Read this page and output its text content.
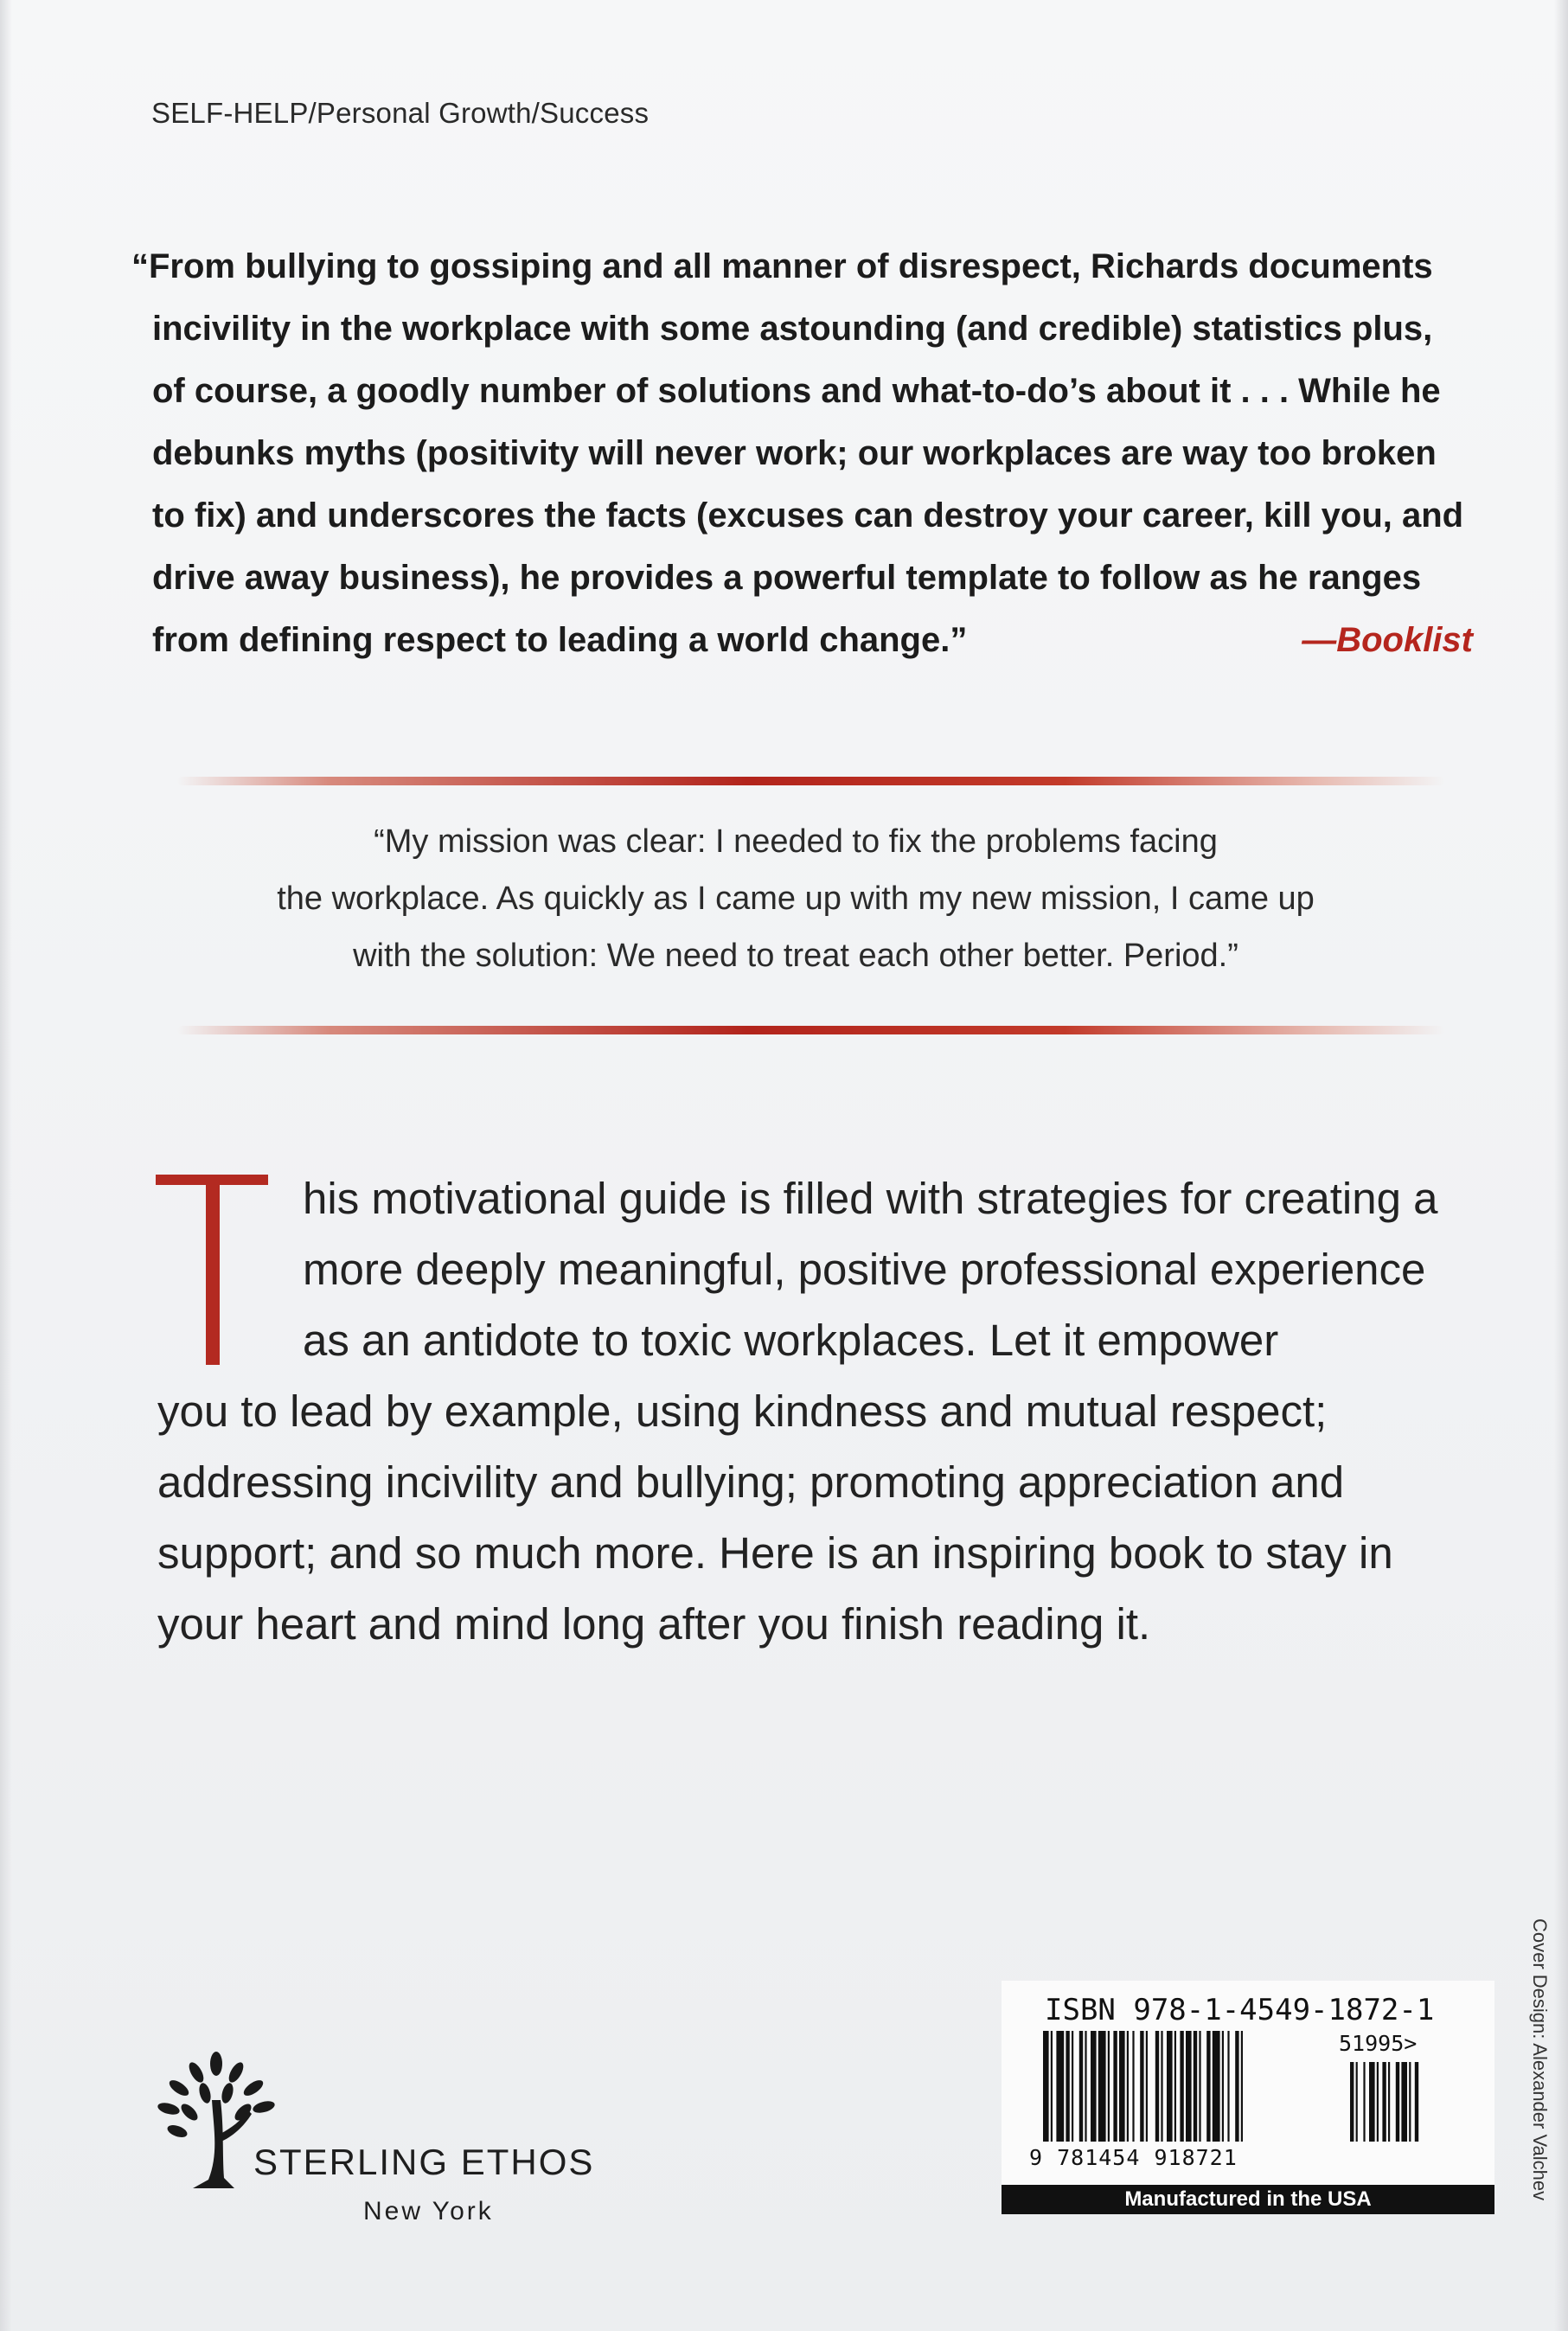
SELF-HELP/Personal Growth/Success
“From bullying to gossiping and all manner of disrespect, Richards documents
incivility in the workplace with some astounding (and credible) statistics plus,
of course, a goodly number of solutions and what-to-do’s about it . . . While he
debunks myths (positivity will never work; our workplaces are way too broken
to fix) and underscores the facts (excuses can destroy your career, kill you, and
drive away business), he provides a powerful template to follow as he ranges
from defining respect to leading a world change.”	—Booklist
“My mission was clear: I needed to fix the problems facing
the workplace. As quickly as I came up with my new mission, I came up
with the solution: We need to treat each other better. Period.”
his motivational guide is filled with strategies for creating a
more deeply meaningful, positive professional experience
as an antidote to toxic workplaces. Let it empower
you to lead by example, using kindness and mutual respect;
addressing incivility and bullying; promoting appreciation and
support; and so much more. Here is an inspiring book to stay in
your heart and mind long after you finish reading it.
STERLING ETHOS
New York
ISBN 978-1-4549-1872-1
51995>
9 781454 918721
Manufactured in the USA	Cover Design: Alexander Valchev
